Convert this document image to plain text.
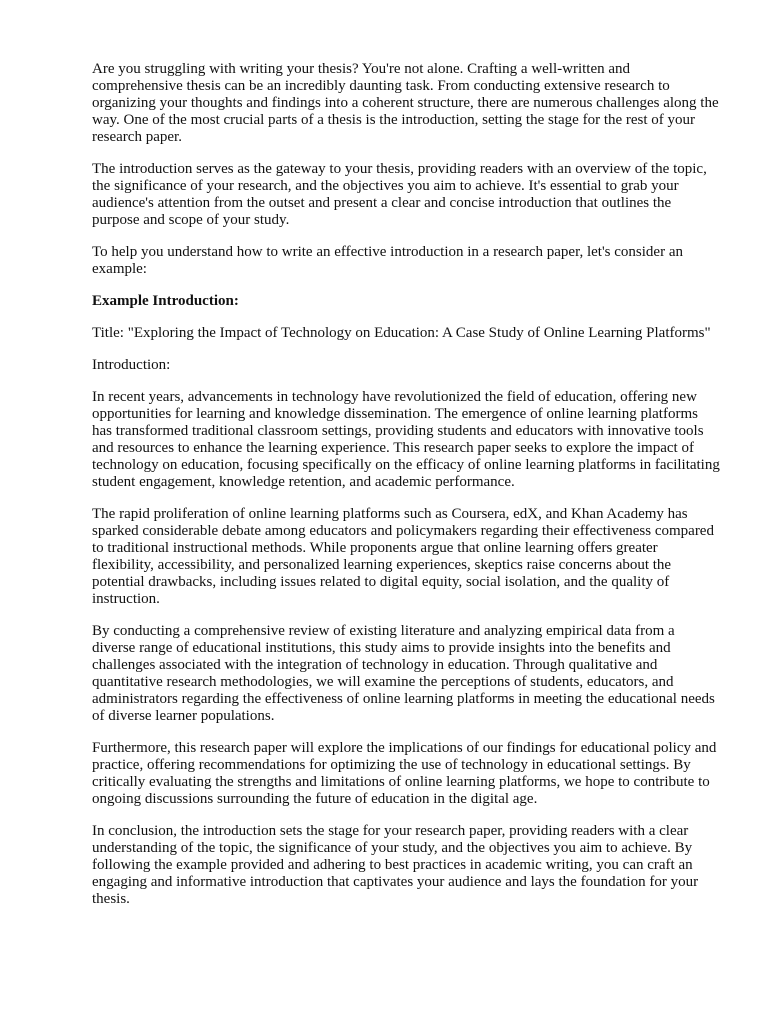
Are you struggling with writing your thesis? You're not alone. Crafting a well-written and comprehensive thesis can be an incredibly daunting task. From conducting extensive research to organizing your thoughts and findings into a coherent structure, there are numerous challenges along the way. One of the most crucial parts of a thesis is the introduction, setting the stage for the rest of your research paper.

The introduction serves as the gateway to your thesis, providing readers with an overview of the topic, the significance of your research, and the objectives you aim to achieve. It's essential to grab your audience's attention from the outset and present a clear and concise introduction that outlines the purpose and scope of your study.

To help you understand how to write an effective introduction in a research paper, let's consider an example:

Example Introduction:

Title: "Exploring the Impact of Technology on Education: A Case Study of Online Learning Platforms"

Introduction:

In recent years, advancements in technology have revolutionized the field of education, offering new opportunities for learning and knowledge dissemination. The emergence of online learning platforms has transformed traditional classroom settings, providing students and educators with innovative tools and resources to enhance the learning experience. This research paper seeks to explore the impact of technology on education, focusing specifically on the efficacy of online learning platforms in facilitating student engagement, knowledge retention, and academic performance.

The rapid proliferation of online learning platforms such as Coursera, edX, and Khan Academy has sparked considerable debate among educators and policymakers regarding their effectiveness compared to traditional instructional methods. While proponents argue that online learning offers greater flexibility, accessibility, and personalized learning experiences, skeptics raise concerns about the potential drawbacks, including issues related to digital equity, social isolation, and the quality of instruction.

By conducting a comprehensive review of existing literature and analyzing empirical data from a diverse range of educational institutions, this study aims to provide insights into the benefits and challenges associated with the integration of technology in education. Through qualitative and quantitative research methodologies, we will examine the perceptions of students, educators, and administrators regarding the effectiveness of online learning platforms in meeting the educational needs of diverse learner populations.

Furthermore, this research paper will explore the implications of our findings for educational policy and practice, offering recommendations for optimizing the use of technology in educational settings. By critically evaluating the strengths and limitations of online learning platforms, we hope to contribute to ongoing discussions surrounding the future of education in the digital age.

In conclusion, the introduction sets the stage for your research paper, providing readers with a clear understanding of the topic, the significance of your study, and the objectives you aim to achieve. By following the example provided and adhering to best practices in academic writing, you can craft an engaging and informative introduction that captivates your audience and lays the foundation for your thesis.
